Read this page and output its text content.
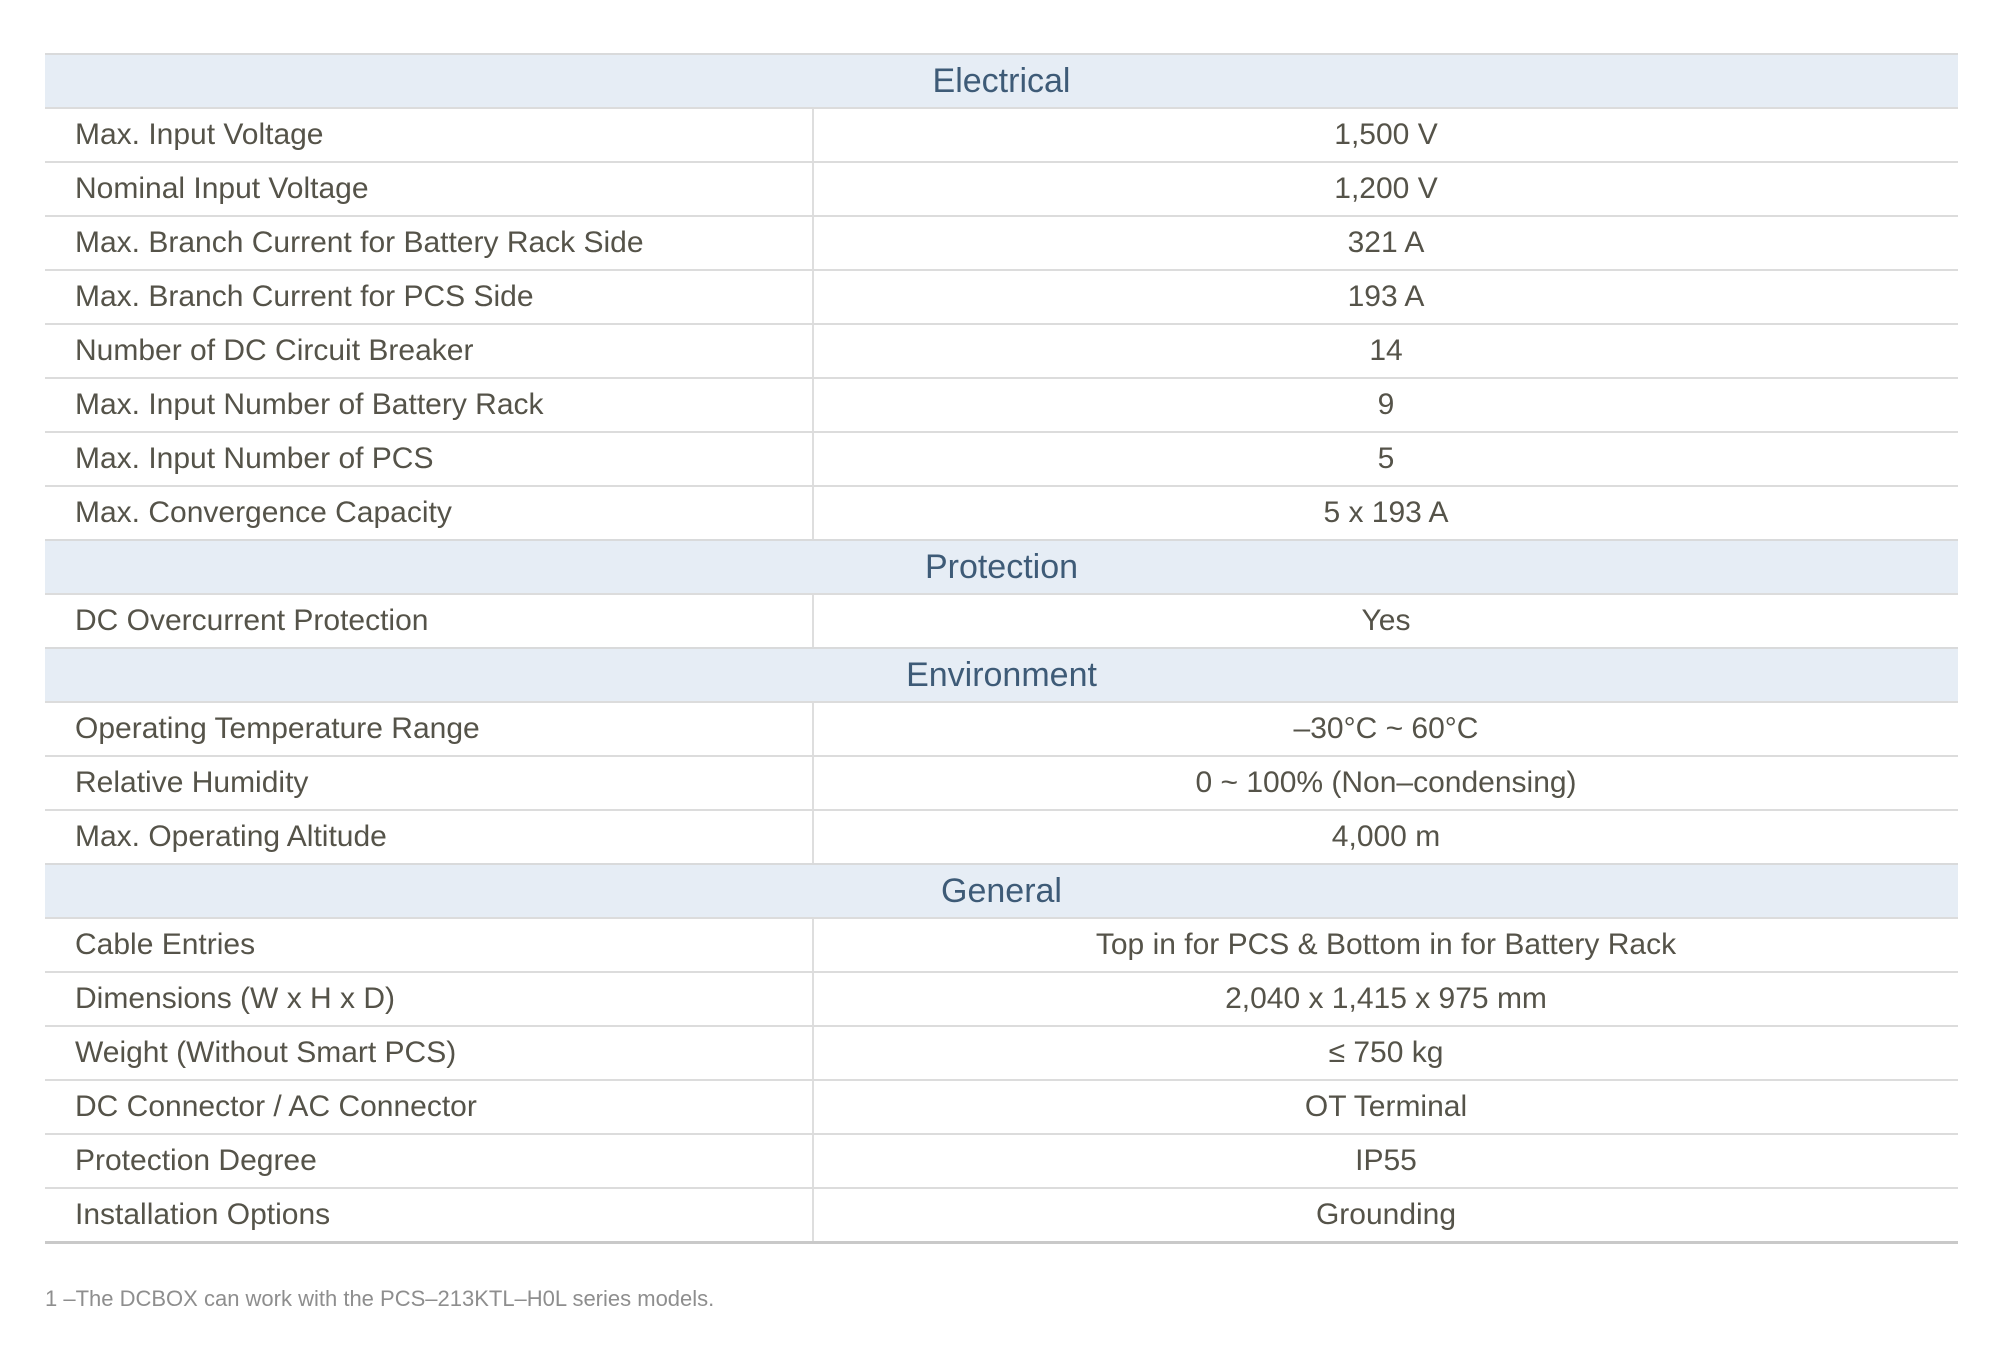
Electrical
Max. Input Voltage	1,500 V
Nominal Input Voltage	1,200 V
Max. Branch Current for Battery Rack Side	321 A
Max. Branch Current for PCS Side	193 A
Number of DC Circuit Breaker	14
Max. Input Number of Battery Rack	9
Max. Input Number of PCS	5
Max. Convergence Capacity	5 x 193 A
Protection
DC Overcurrent Protection	Yes
Environment
Operating Temperature Range	–30°C ~ 60°C
Relative Humidity	0 ~ 100% (Non–condensing)
Max. Operating Altitude	4,000 m
General
Cable Entries	Top in for PCS & Bottom in for Battery Rack
Dimensions (W x H x D)	2,040 x 1,415 x 975 mm
Weight (Without Smart PCS)	≤ 750 kg
DC Connector / AC Connector	OT Terminal
Protection Degree	IP55
Installation Options	Grounding
1 –The DCBOX can work with the PCS–213KTL–H0L series models.
